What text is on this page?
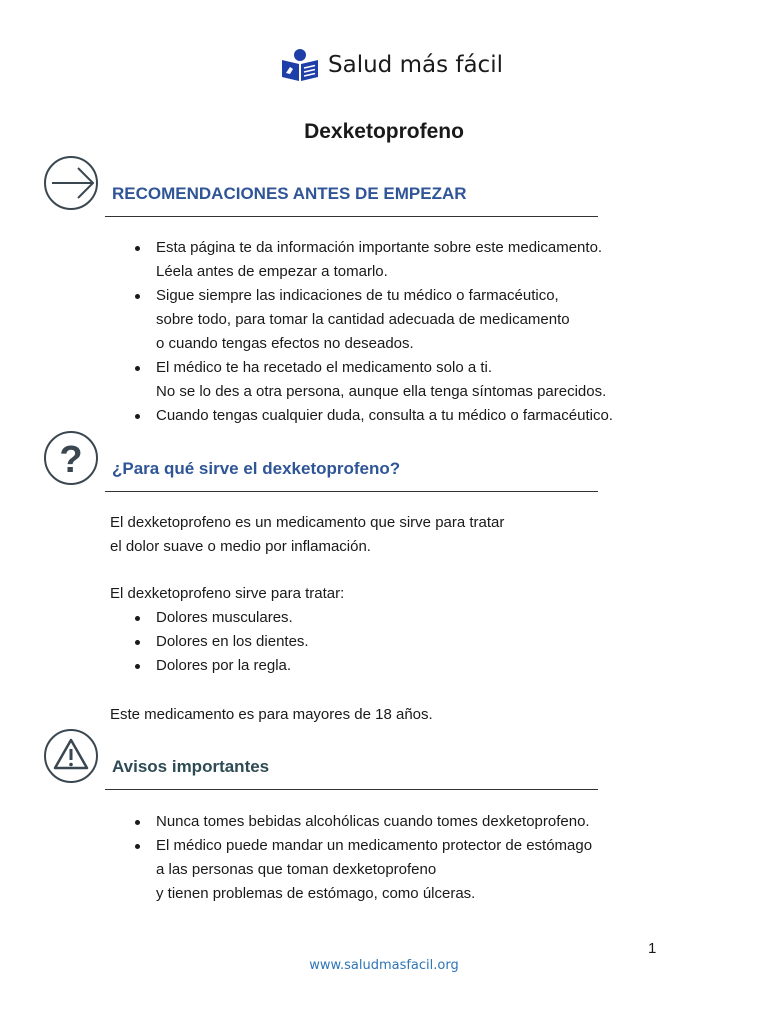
Salud más fácil
Dexketoprofeno
RECOMENDACIONES ANTES DE EMPEZAR
Esta página te da información importante sobre este medicamento.
Léela antes de empezar a tomarlo.
Sigue siempre las indicaciones de tu médico o farmacéutico,
sobre todo, para tomar la cantidad adecuada de medicamento
o cuando tengas efectos no deseados.
El médico te ha recetado el medicamento solo a ti.
No se lo des a otra persona, aunque ella tenga síntomas parecidos.
Cuando tengas cualquier duda, consulta a tu médico o farmacéutico.
? ¿Para qué sirve el dexketoprofeno?
El dexketoprofeno es un medicamento que sirve para tratar
el dolor suave o medio por inflamación.
El dexketoprofeno sirve para tratar:
Dolores musculares.
Dolores en los dientes.
Dolores por la regla.
Este medicamento es para mayores de 18 años.
Avisos importantes
Nunca tomes bebidas alcohólicas cuando tomes dexketoprofeno.
El médico puede mandar un medicamento protector de estómago
a las personas que toman dexketoprofeno
y tienen problemas de estómago, como úlceras.
1
www.saludmasfacil.org
